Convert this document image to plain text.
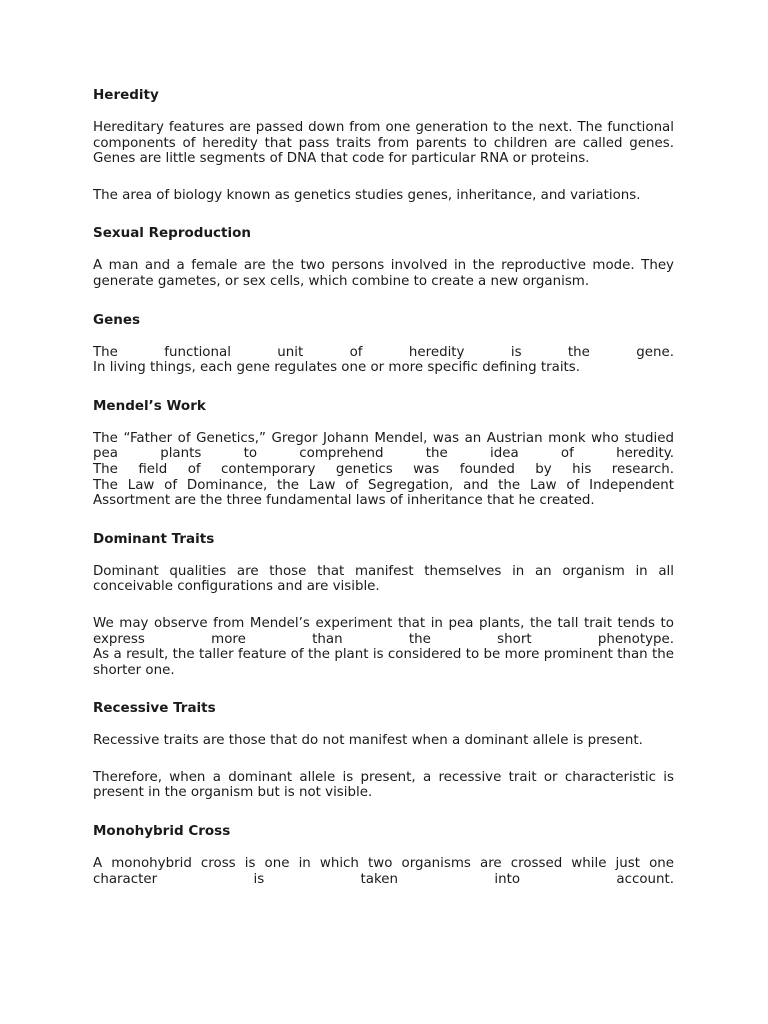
Heredity
Hereditary features are passed down from one generation to the next. The functional components of heredity that pass traits from parents to children are called genes. Genes are little segments of DNA that code for particular RNA or proteins.
The area of biology known as genetics studies genes, inheritance, and variations.
Sexual Reproduction
A man and a female are the two persons involved in the reproductive mode. They generate gametes, or sex cells, which combine to create a new organism.
Genes
The functional unit of heredity is the gene.
In living things, each gene regulates one or more specific defining traits.
Mendel’s Work
The “Father of Genetics,” Gregor Johann Mendel, was an Austrian monk who studied pea plants to comprehend the idea of heredity.
The field of contemporary genetics was founded by his research.
The Law of Dominance, the Law of Segregation, and the Law of Independent Assortment are the three fundamental laws of inheritance that he created.
Dominant Traits
Dominant qualities are those that manifest themselves in an organism in all conceivable configurations and are visible.
We may observe from Mendel’s experiment that in pea plants, the tall trait tends to express more than the short phenotype.
As a result, the taller feature of the plant is considered to be more prominent than the shorter one.
Recessive Traits
Recessive traits are those that do not manifest when a dominant allele is present.
Therefore, when a dominant allele is present, a recessive trait or characteristic is present in the organism but is not visible.
Monohybrid Cross
A monohybrid cross is one in which two organisms are crossed while just one character is taken into account.
